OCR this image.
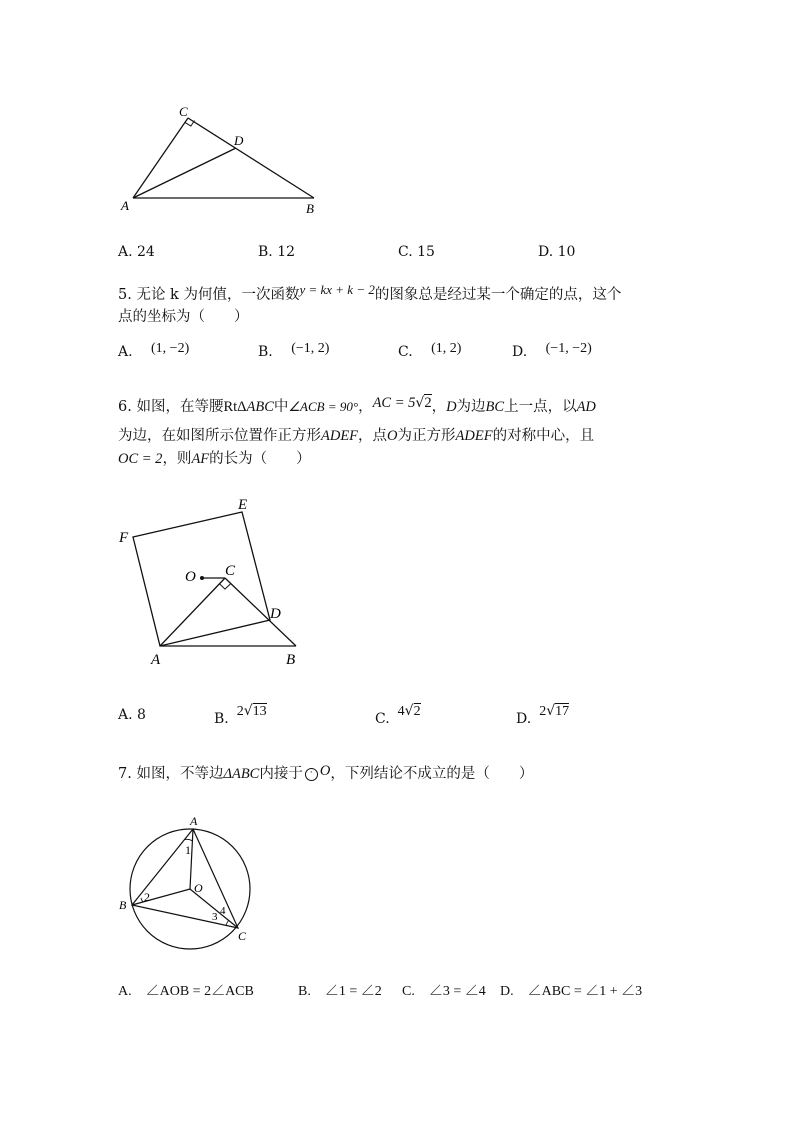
C
D
A	B
A. 24	B. 12	C. 15	D. 10
5. 无论 k 为何值，一次函数y = kx + k − 2的图象总是经过某一个确定的点，这个
点的坐标为（　　）
A. (1, −2)	B. (−1, 2)	C. (1, 2)	D. (−1, −2)
6. 如图，在等腰RtΔABC中∠ACB = 90°，AC = 5√2，D为边BC上一点，以AD
为边，在如图所示位置作正方形ADEF，点O为正方形ADEF的对称中心，且
OC = 2，则AF的长为（　　）
E
F
O C
D
A	B
A. 8	B. 2√13	C. 4√2	D. 2√17
7. 如图，不等边ΔABC内接于 · O，下列结论不成立的是（　　）
A
B
C
O
1
2
3 4
A.　∠AOB = 2∠ACB	B.　∠1 = ∠2 C.　∠3 = ∠4 D.　∠ABC = ∠1 + ∠3
